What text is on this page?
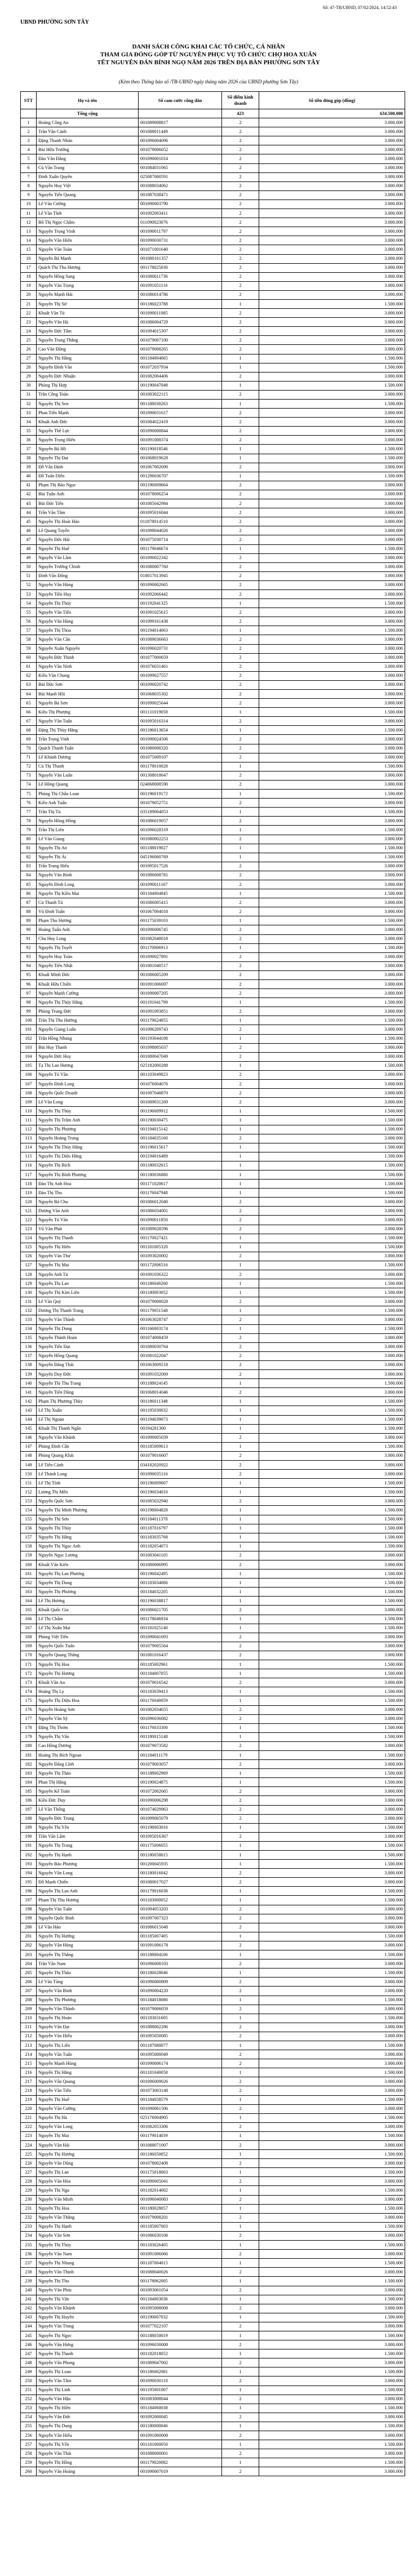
Số: 47-TB/UBND, 07/02/2024, 14:52:43
UBND PHƯỜNG SƠN TÂY
DANH SÁCH CÔNG KHAI CÁC TỔ CHỨC, CÁ NHÂN
THAM GIA ĐÓNG GÓP TỪ NGUYÊN PHỤC VỤ TỔ CHỨC CHỢ HOA XUÂN
TẾT NGUYÊN ĐÁN BÍNH NGỌ NĂM 2026 TRÊN ĐỊA BÀN PHƯỜNG SƠN TÂY
(Kèm theo Thông báo số /TB-UBND ngày tháng năm 2026 của UBND phường Sơn Tây)
STT	Họ và tên	Số cam cước công dân	Số điểm kinh doanh	Số tiền đóng góp (đồng)
	Tổng cộng		423	634.500.000
1	Hoàng Công An	001089008817	2	3.000.000
2	Trần Văn Cảnh	001088011449	2	3.000.000
3	Đặng Thanh Nhàn	001096004096	2	3.000.000
4	Bùi Hữu Trường	001079006052	2	3.000.000
5	Đào Văn Đăng	001090001014	2	3.000.000
6	Cù Văn Trang	001084031065	2	3.000.000
7	Đinh Xuân Quyền	025087000591	2	3.000.000
8	Nguyễn Huy Việt	001088034062	2	3.000.000
9	Nguyễn Tiến Quang	001087038471	2	3.000.000
10	Lê Văn Cường	001090003790	2	3.000.000
11	Lê Văn Tĩnh	001092003411	2	3.000.000
12	Bồ Thị Ngọc Châm	011090023076	2	3.000.000
13	Nguyễn Trọng Vinh	001090011797	2	3.000.000
14	Nguyễn Văn Hiển	001090030731	2	3.000.000
15	Nguyễn Văn Toàn	001071001640	2	3.000.000
16	Nguyễn Bá Mạnh	001080161357	2	3.000.000
17	Quách Thị Thu Hương	001178025030	2	3.000.000
18	Nguyễn Hồng Sang	001080011736	2	3.000.000
19	Nguyễn Văn Trọng	001091051116	2	3.000.000
20	Nguyễn Mạnh Hải	001086014786	2	3.000.000
21	Nguyễn Thị Sứ	001186023788	1	1.500.000
22	Khuất Văn Tú	001090011085	2	3.000.000
23	Nguyễn Văn Hà	001086004729	2	3.000.000
24	Nguyễn Đức Tâm	001094015307	2	3.000.000
25	Nguyễn Trung Thắng	001079007100	2	3.000.000
26	Cao Văn Đồng	001079008265	2	3.000.000
27	Nguyễn Thị Hằng	001184004065	1	1.500.000
28	Nguyễn Đình Văn	001072037934	1	1.500.000
29	Nguyễn Đức Nhuận	001082004406	2	3.000.000
30	Phùng Thị Hợp	001190047048	1	1.500.000
31	Trần Công Toàn	001083022115	2	3.000.000
32	Nguyễn Thị Sen	001188030263	1	1.500.000
33	Phan Tiến Mạnh	001090031617	2	3.000.000
34	Khuất Anh Đức	001084022419	2	3.000.000
35	Nguyễn Thế Lực	001090008844	2	3.000.000
36	Nguyễn Trọng Hiến	001091008374	2	3.000.000
37	Nguyễn Bá Hồ	001190018546	1	1.500.000
38	Nguyễn Thị Đạt	001068019628	1	1.500.000
39	Đỗ Văn Định	001067002690	2	3.000.000
40	Đỗ Tuấn Diễn	001296036707	1	1.500.000
41	Phạm Thị Bảo Ngọc	001196009664	2	3.000.000
42	Bùi Tuấn Anh	001078006254	2	3.000.000
43	Bùi Đức Tiến	001085042984	2	3.000.000
44	Trần Văn Tâm	001095016044	2	3.000.000
45	Nguyễn Thị Hoài Hảo	011878014510	2	3.000.000
46	Lê Quang Tuyến	001098044026	2	3.000.000
47	Nguyễn Đức Hải	001075030714	2	3.000.000
48	Nguyễn Thị Huế	001179046674	1	1.500.000
49	Nguyễn Văn Lâm	001090022342	2	3.000.000
50	Nguyễn Trường Chinh	001080007760	2	3.000.000
51	Đinh Văn Đông	018057013945	2	3.000.000
52	Nguyễn Văn Hùng	001090002665	2	3.000.000
53	Nguyễn Tiến Huy	001092066442	2	3.000.000
54	Nguyễn Thị Thủy	001192041325	1	1.500.000
55	Nguyễn Văn Tiến	001091025615	2	3.000.000
56	Nguyễn Văn Hùng	001099161438	2	3.000.000
57	Nguyễn Thị Thoa	001194014063	1	1.500.000
58	Nguyễn Văn Cần	001089036663	2	3.000.000
59	Nguyễn Xuân Nguyên	001096020731	2	3.000.000
60	Nguyễn Đức Thịnh	001077000659	2	3.000.000
61	Nguyễn Văn Ninh	001076031461	2	3.000.000
62	Kiều Văn Chung	001099027557	2	3.000.000
63	Bùi Đức Sơn	001096020742	2	3.000.000
64	Bùi Mạnh Hồi	001068035302	2	3.000.000
65	Nguyễn Bá Sơn	001090025644	2	3.000.000
66	Kiều Thị Phượng	001131019058	1	1.500.000
67	Nguyễn Văn Tuấn	001095016314	2	3.000.000
68	Đặng Thị Thùy Hằng	001186013654	1	1.500.000
69	Trần Trọng Vinh	001090024506	2	3.000.000
70	Quách Thanh Tuấn	001080008320	2	3.000.000
71	Lê Khánh Dương	001075009107	2	3.000.000
72	Cù Thị Thanh	001178010028	1	1.500.000
73	Nguyễn Văn Luân	001308018647	2	3.000.000
74	Lê Hồng Quang	024068008590	2	3.000.000
75	Phùng Thị Châu Loan	001196019172	1	1.500.000
76	Kiều Anh Tuấn	001079052751	2	3.000.000
77	Trần Thị Tú	035189004053	1	1.500.000
78	Nguyễn Hồng Hồng	001086019057	2	3.000.000
79	Trần Thị Liên	001096028319	1	1.500.000
80	Lê Văn Giang	001080002253	2	3.000.000
81	Nguyễn Thị An	001188019027	1	1.500.000
82	Nguyễn Thị Ái	045196060769	1	1.500.000
83	Trần Trung Hiếu	001095017526	2	3.000.000
84	Nguyễn Văn Bình	001086008781	2	3.000.000
85	Nguyễn Đình Long	001090011167	2	3.000.000
86	Nguyễn Thị Kiều Mai	001184004845	1	1.500.000
87	Cù Thanh Tú	001086005415	2	3.000.000
88	Vũ Đình Tuấn	001067004018	2	3.000.000
89	Phạm Thu Hương	001175039103	1	1.500.000
90	Hoàng Tuấn Anh	001096006745	2	3.000.000
91	Chu Huy Long	001082048018	2	3.000.000
92	Nguyễn Thị Tuyết	001170006913	1	1.500.000
93	Nguyễn Huy Toàn	001090027891	2	3.000.000
94	Nguyễn Tiến Nhật	001081040517	2	3.000.000
95	Khuất Minh Đức	001086005209	2	3.000.000
96	Khuất Hữu Chiến	001091006697	2	3.000.000
97	Nguyễn Mạnh Cường	001090007205	2	3.000.000
98	Nguyễn Thị Thúy Hằng	001191041799	1	1.500.000
99	Phùng Trung Đức	001091093851	2	3.000.000
100	Trần Thị Thu Hường	001179024855	1	1.500.000
101	Nguyễn Giang Luân	001096209743	2	3.000.000
102	Trần Hồng Nhung	001193044108	1	1.500.000
103	Bùi Huy Thanh	001098005037	2	3.000.000
104	Nguyễn Đức Huy	001080047049	2	3.000.000
105	Tạ Thị Lan Hương	025182000288	1	1.500.000
106	Nguyễn Tú Văn	001103049823	2	3.000.000
107	Nguyễn Đình Long	001076004076	2	3.000.000
108	Nguyễn Quốc Doanh	001097048870	2	3.000.000
109	Lê Văn Long	001089031269	2	3.000.000
110	Nguyễn Thị Thủy	001196009912	1	1.500.000
111	Nguyễn Thị Trâm Anh	001190030475	1	1.500.000
112	Nguyễn Thị Phương	001194015142	1	1.500.000
113	Nguyễn Hoàng Trung	001184035160	2	3.000.000
114	Nguyễn Thị Thúy Hằng	001196015617	1	1.500.000
115	Nguyễn Thị Diệu Hằng	001194016489	1	1.500.000
116	Nguyễn Thị Bích	001180032615	1	1.500.000
117	Nguyễn Thị Bình Phương	001180036880	1	1.500.000
118	Đào Thị Anh Hoa	001171020617	1	1.500.000
119	Đào Thị Thu	001176047948	1	1.500.000
120	Nguyễn Bá Chu	001086012040	2	3.000.000
121	Dương Văn Anh	001086034001	2	3.000.000
122	Nguyễn Tú Văn	001090011850	2	3.000.000
123	Vũ Văn Phát	001089028596	2	3.000.000
124	Nguyễn Thị Thanh	001170027421	1	1.500.000
125	Nguyễn Thị Hiên	001181005320	1	1.500.000
126	Nguyễn Văn Thư	001093020002	2	3.000.000
127	Nguyễn Thị Mai	001172006516	1	1.500.000
128	Nguyễn Anh Tú	001091036322	2	3.000.000
129	Nguyễn Thị Lan	001186040260	1	1.500.000
130	Nguyễn Thị Kim Liên	001180003052	1	1.500.000
131	Lê Văn Quý	001079008028	2	3.000.000
132	Dương Thị Thanh Trang	001179051548	1	1.500.000
133	Nguyễn Văn Thành	001063028747	2	3.000.000
134	Nguyễn Thị Dung	001166003174	1	1.500.000
135	Nguyễn Thành Hoàn	001074008459	2	3.000.000
136	Nguyễn Tiến Đạt	001080030764	2	3.000.000
137	Nguyễn Hồng Quang	001081022047	2	3.000.000
138	Nguyễn Đăng Thái	001063009218	2	3.000.000
139	Nguyễn Duy Đức	001091032069	2	3.000.000
140	Nguyễn Thị Thu Trang	001188024145	1	1.500.000
141	Nguyễn Tiến Dũng	001068014046	2	3.000.000
142	Phạm Thị Phương Thùy	001186011348	1	1.500.000
143	Lê Thị Xuân	001195030032	1	1.500.000
144	Lê Thị Ngoan	001194039073	1	1.500.000
145	Khuất Thị Thanh Ngân	00194281300	1	1.500.000
146	Nguyễn Văn Khánh	001090005039	2	3.000.000
147	Phùng Đình Cần	001185009613	1	1.500.000
148	Phùng Quang Khải	001079016607	2	3.000.000
149	Lê Tiến Cảnh	034182020922	2	3.000.000
150	Lê Thành Long	001090035116	2	3.000.000
151	Lê Thị Tĩnh	001196009007	1	1.500.000
152	Lương Thị Mến	001196034010	1	1.500.000
153	Nguyễn Quốc Sơn	001085032940	2	3.000.000
154	Nguyễn Thị Minh Phương	001198004828	1	1.500.000
155	Nguyễn Thị Sơn	001184011378	1	1.500.000
156	Nguyễn Thị Thủy	001187016797	1	1.500.000
157	Nguyễn Thị Hằng	001183035768	1	1.500.000
158	Nguyễn Thị Ngọc Anh	001182054073	1	1.500.000
159	Nguyễn Ngọc Lương	001083041105	2	3.000.000
160	Khuất Văn Kiên	001080006995	2	3.000.000
161	Nguyễn Thị Lan Phương	001196042495	1	1.500.000
162	Nguyễn Thị Dung	001183034066	1	1.500.000
163	Nguyễn Thị Phương	001184032205	1	1.500.000
164	Lê Thị Hương	001196038817	1	1.500.000
165	Khuất Quốc Gia	001086021705	2	3.000.000
166	Lê Thị Chẩm	001178046934	1	1.500.000
167	Lê Thị Xuân Mai	001181025140	1	1.500.000
168	Phùng Việt Tiến	001090041693	2	3.000.000
169	Nguyễn Quốc Tuấn	001079005564	2	3.000.000
170	Nguyễn Quang Thắng	001081016437	2	3.000.000
171	Nguyễn Thị Hoa	001185002961	1	1.500.000
172	Nguyễn Thị Hương	001184007055	1	1.500.000
173	Khuất Văn An	001079016542	2	3.000.000
174	Hoàng Thị Ly	001183039413	1	1.500.000
175	Nguyễn Thị Diệu Hoa	001176040059	1	1.500.000
176	Nguyễn Hoàng Sơn	001082034655	2	3.000.000
177	Nguyễn Văn Sỹ	001096036082	2	3.000.000
178	Đặng Thị Thơm	001176033300	1	1.500.000
179	Nguyễn Thị Vân	001180015148	1	1.500.000
180	Cao Hồng Dương	001079073582	2	3.000.000
181	Hoàng Thị Bích Ngoan	001184011179	1	1.500.000
182	Nguyễn Đăng Lĩnh	001079003057	2	3.000.000
183	Nguyễn Thị Thảo	001188002969	1	1.500.000
184	Phan Thị Hằng	001190024875	1	1.500.000
185	Nguyễn Kế Toàn	001072002665	2	3.000.000
186	Kiều Đức Duy	001090006298	2	3.000.000
187	Lê Văn Thống	001074029963	2	3.000.000
188	Nguyễn Đức Trung	001099065079	2	3.000.000
189	Nguyễn Thị Yến	001198003016	1	1.500.000
190	Trần Văn Lâm	001095016367	2	3.000.000
191	Nguyễn Thị Trang	001175006055	1	1.500.000
192	Nguyễn Thị Hạnh	001180058015	1	1.500.000
193	Nguyễn Bảo Phương	001200045935	1	1.500.000
194	Nguyễn Văn Long	001180016042	2	3.000.000
195	Đỗ Mạnh Chiến	001080017027	2	3.000.000
196	Nguyễn Thị Lan Anh	001179016038	1	1.500.000
197	Phạm Thị Thu Hương	001183000052	1	1.500.000
198	Nguyễn Văn Tuân	001094053203	2	3.000.000
199	Nguyễn Quốc Bình	001097007323	2	3.000.000
200	Lê Văn Hào	001086015048	2	3.000.000
201	Nguyễn Thị Hường	001185007405	1	1.500.000
202	Nguyễn Văn Hùng	001091006178	2	3.000.000
203	Nguyễn Thị Thắng	001188004106	1	1.500.000
204	Trần Văn Nam	001096008103	2	3.000.000
205	Nguyễn Thị Thảo	001186028046	1	1.500.000
206	Lê Văn Tùng	001096000809	2	3.000.000
207	Nguyễn Văn Bình	001090004220	2	3.000.000
208	Nguyễn Thị Phương	001184018080	1	1.500.000
209	Nguyễn Văn Thành	001079006059	2	3.000.000
210	Nguyễn Thị Hoàn	001183031605	1	1.500.000
211	Nguyễn Văn Đạt	001088002286	2	3.000.000
212	Nguyễn Văn Hiếu	001095050085	2	3.000.000
213	Nguyễn Thị Liên	001187080077	1	1.500.000
214	Nguyễn Văn Tuấn	001095000049	2	3.000.000
215	Nguyễn Mạnh Hùng	001090006174	2	3.000.000
216	Nguyễn Thị Hằng	001181040058	1	1.500.000
217	Nguyễn Văn Quang	001096009026	2	3.000.000
218	Nguyễn Văn Tiến	001073003148	2	3.000.000
219	Nguyễn Thị Huế	001184058579	1	1.500.000
220	Nguyễn Văn Cường	001090061506	2	3.000.000
221	Nguyễn Thị Hà	025176004905	1	1.500.000
222	Nguyễn Văn Long	001082053306	2	3.000.000
223	Nguyễn Thị Mai	001179014039	1	1.500.000
224	Nguyễn Văn Hải	001088071007	2	3.000.000
225	Nguyễn Thị Hương	001186050052	1	1.500.000
226	Nguyễn Văn Dũng	001078002408	2	3.000.000
227	Nguyễn Thị Lan	001175018003	1	1.500.000
228	Nguyễn Văn Hòa	001090005041	2	3.000.000
229	Nguyễn Thị Nga	001182014002	1	1.500.000
230	Nguyễn Văn Minh	001096040083	2	3.000.000
231	Nguyễn Thị Hoa	001180028057	1	1.500.000
232	Nguyễn Văn Thắng	001079008201	2	3.000.000
233	Nguyễn Thị Hạnh	001185007003	1	1.500.000
234	Nguyễn Văn Sơn	001086030106	2	3.000.000
235	Nguyễn Thị Thủy	001183026405	1	1.500.000
236	Nguyễn Văn Nam	001091006066	2	3.000.000
237	Nguyễn Thị Nhung	001187004015	1	1.500.000
238	Nguyễn Văn Thịnh	001088040026	2	3.000.000
239	Nguyễn Thị Thu	001178062005	1	1.500.000
240	Nguyễn Văn Phúc	001093001054	2	3.000.000
241	Nguyễn Thị Vân	001184003036	1	1.500.000
242	Nguyễn Văn Khánh	001095008008	2	3.000.000
243	Nguyễn Thị Huyền	001190007032	1	1.500.000
244	Nguyễn Văn Trung	001077022107	2	3.000.000
245	Nguyễn Thị Ngọc	001188050019	1	1.500.000
246	Nguyễn Văn Hưng	001096030008	2	3.000.000
247	Nguyễn Thị Thanh	001182018052	1	1.500.000
248	Nguyễn Văn Phong	001089047002	2	3.000.000
249	Nguyễn Thị Loan	001186002081	1	1.500.000
250	Nguyễn Văn Tâm	001090030110	2	3.000.000
251	Nguyễn Thị Linh	001195001007	1	1.500.000
252	Nguyễn Văn Hậu	001083008044	2	3.000.000
253	Nguyễn Thị Hiền	001184060038	1	1.500.000
254	Nguyễn Văn Đức	001092000045	2	3.000.000
255	Nguyễn Thị Dung	001180000046	1	1.500.000
256	Nguyễn Văn Hiếu	001091060008	2	3.000.000
257	Nguyễn Thị Yến	001181000050	1	1.500.000
258	Nguyễn Văn Thái	001088000001	2	3.000.000
259	Nguyễn Thị Hồng	001179020082	1	1.500.000
260	Nguyễn Văn Hoàng	001090007019	2	3.000.000
